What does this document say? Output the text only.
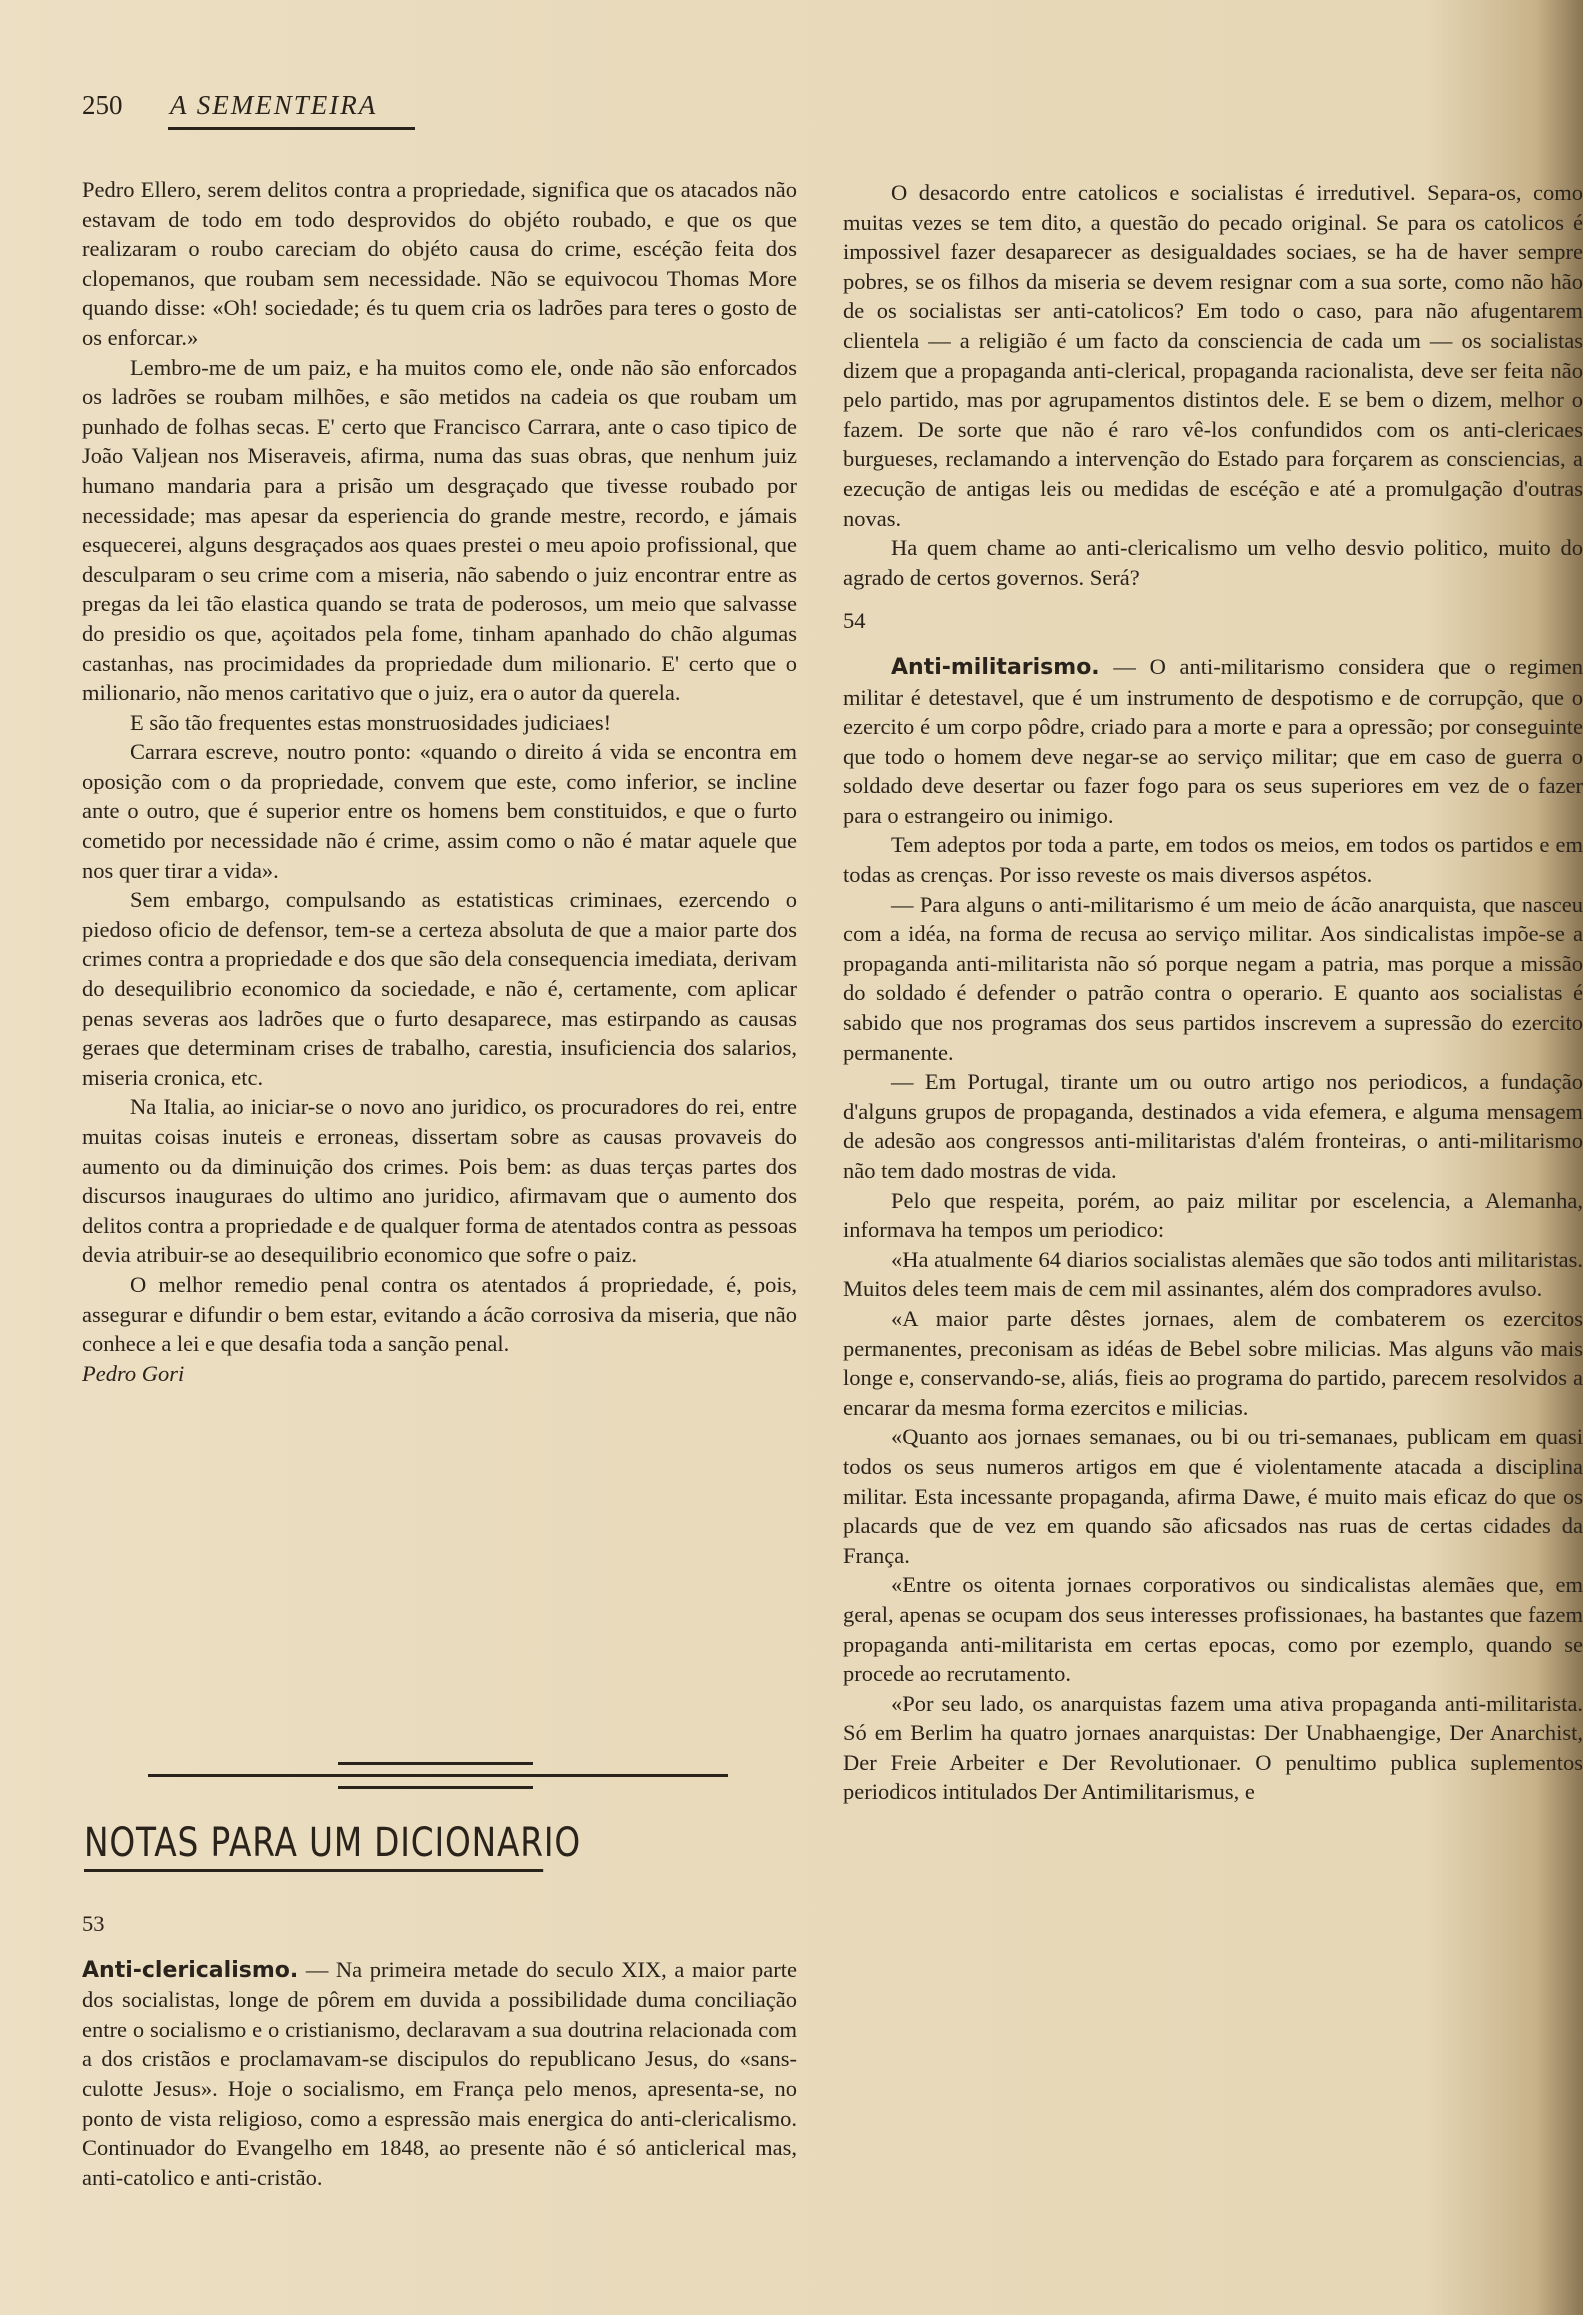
250 A SEMENTEIRA

Pedro Ellero, serem delitos contra a propriedade, significa que os atacados não estavam de todo em todo desprovidos do objéto roubado, e que os que realizaram o roubo careciam do objéto causa do crime, escéção feita dos clopemanos, que roubam sem necessidade. Não se equivocou Thomas More quando disse: «Oh! sociedade; és tu quem cria os ladrões para teres o gosto de os enforcar.»

Lembro-me de um paiz, e ha muitos como ele, onde não são enforcados os ladrões se roubam milhões, e são metidos na cadeia os que roubam um punhado de folhas secas. E' certo que Francisco Carrara, ante o caso tipico de João Valjean nos Miseraveis, afirma, numa das suas obras, que nenhum juiz humano mandaria para a prisão um desgraçado que tivesse roubado por necessidade; mas apesar da esperiencia do grande mestre, recordo, e jámais esquecerei, alguns desgraçados aos quaes prestei o meu apoio profissional, que desculparam o seu crime com a miseria, não sabendo o juiz encontrar entre as pregas da lei tão elastica quando se trata de poderosos, um meio que salvasse do presidio os que, açoitados pela fome, tinham apanhado do chão algumas castanhas, nas procimidades da propriedade dum milionario. E' certo que o milionario, não menos caritativo que o juiz, era o autor da querela.

E são tão frequentes estas monstruosidades judiciaes!

Carrara escreve, noutro ponto: «quando o direito á vida se encontra em oposição com o da propriedade, convem que este, como inferior, se incline ante o outro, que é superior entre os homens bem constituidos, e que o furto cometido por necessidade não é crime, assim como o não é matar aquele que nos quer tirar a vida».

Sem embargo, compulsando as estatisticas criminaes, ezercendo o piedoso oficio de defensor, tem-se a certeza absoluta de que a maior parte dos crimes contra a propriedade e dos que são dela consequencia imediata, derivam do desequilibrio economico da sociedade, e não é, certamente, com aplicar penas severas aos ladrões que o furto desaparece, mas estirpando as causas geraes que determinam crises de trabalho, carestia, insuficiencia dos salarios, miseria cronica, etc.

Na Italia, ao iniciar-se o novo ano juridico, os procuradores do rei, entre muitas coisas inuteis e erroneas, dissertam sobre as causas provaveis do aumento ou da diminuição dos crimes. Pois bem: as duas terças partes dos discursos inauguraes do ultimo ano juridico, afirmavam que o aumento dos delitos contra a propriedade e de qualquer forma de atentados contra as pessoas devia atribuir-se ao desequilibrio economico que sofre o paiz.

O melhor remedio penal contra os atentados á propriedade, é, pois, assegurar e difundir o bem estar, evitando a ácão corrosiva da miseria, que não conhece a lei e que desafia toda a sanção penal.

Pedro Gori

NOTAS PARA UM DICIONARIO

53

Anti-clericalismo. — Na primeira metade do seculo XIX, a maior parte dos socialistas, longe de pôrem em duvida a possibilidade duma conciliação entre o socialismo e o cristianismo, declaravam a sua doutrina relacionada com a dos cristãos e proclamavam-se discipulos do republicano Jesus, do «sans-culotte Jesus». Hoje o socialismo, em França pelo menos, apresenta-se, no ponto de vista religioso, como a espressão mais energica do anti-clericalismo. Continuador do Evangelho em 1848, ao presente não é só anticlerical mas, anti-catolico e anti-cristão.

O desacordo entre catolicos e socialistas é irredutivel. Separa-os, como muitas vezes se tem dito, a questão do pecado original. Se para os catolicos é impossivel fazer desaparecer as desigualdades sociaes, se ha de haver sempre pobres, se os filhos da miseria se devem resignar com a sua sorte, como não hão de os socialistas ser anti-catolicos? Em todo o caso, para não afugentarem clientela — a religião é um facto da consciencia de cada um — os socialistas dizem que a propaganda anti-clerical, propaganda racionalista, deve ser feita não pelo partido, mas por agrupamentos distintos dele. E se bem o dizem, melhor o fazem. De sorte que não é raro vê-los confundidos com os anti-clericaes burgueses, reclamando a intervenção do Estado para forçarem as consciencias, a ezecução de antigas leis ou medidas de escéção e até a promulgação d'outras novas.

Ha quem chame ao anti-clericalismo um velho desvio politico, muito do agrado de certos governos. Será?

54

Anti-militarismo. — O anti-militarismo considera que o regimen militar é detestavel, que é um instrumento de despotismo e de corrupção, que o ezercito é um corpo pôdre, criado para a morte e para a opressão; por conseguinte que todo o homem deve negar-se ao serviço militar; que em caso de guerra o soldado deve desertar ou fazer fogo para os seus superiores em vez de o fazer para o estrangeiro ou inimigo.

Tem adeptos por toda a parte, em todos os meios, em todos os partidos e em todas as crenças. Por isso reveste os mais diversos aspétos.

— Para alguns o anti-militarismo é um meio de ácão anarquista, que nasceu com a idéa, na forma de recusa ao serviço militar. Aos sindicalistas impõe-se a propaganda anti-militarista não só porque negam a patria, mas porque a missão do soldado é defender o patrão contra o operario. E quanto aos socialistas é sabido que nos programas dos seus partidos inscrevem a supressão do ezercito permanente.

— Em Portugal, tirante um ou outro artigo nos periodicos, a fundação d'alguns grupos de propaganda, destinados a vida efemera, e alguma mensagem de adesão aos congressos anti-militaristas d'além fronteiras, o anti-militarismo não tem dado mostras de vida.

Pelo que respeita, porém, ao paiz militar por escelencia, a Alemanha, informava ha tempos um periodico:

«Ha atualmente 64 diarios socialistas alemães que são todos anti militaristas. Muitos deles teem mais de cem mil assinantes, além dos compradores avulso.

«A maior parte dêstes jornaes, alem de combaterem os ezercitos permanentes, preconisam as idéas de Bebel sobre milicias. Mas alguns vão mais longe e, conservando-se, aliás, fieis ao programa do partido, parecem resolvidos a encarar da mesma forma ezercitos e milicias.

«Quanto aos jornaes semanaes, ou bi ou tri-semanaes, publicam em quasi todos os seus numeros artigos em que é violentamente atacada a disciplina militar. Esta incessante propaganda, afirma Dawe, é muito mais eficaz do que os placards que de vez em quando são aficsados nas ruas de certas cidades da França.

«Entre os oitenta jornaes corporativos ou sindicalistas alemães que, em geral, apenas se ocupam dos seus interesses profissionaes, ha bastantes que fazem propaganda anti-militarista em certas epocas, como por ezemplo, quando se procede ao recrutamento.

«Por seu lado, os anarquistas fazem uma ativa propaganda anti-militarista. Só em Berlim ha quatro jornaes anarquistas: Der Unabhaengige, Der Anarchist, Der Freie Arbeiter e Der Revolutionaer. O penultimo publica suplementos periodicos intitulados Der Antimilitarismus, e
